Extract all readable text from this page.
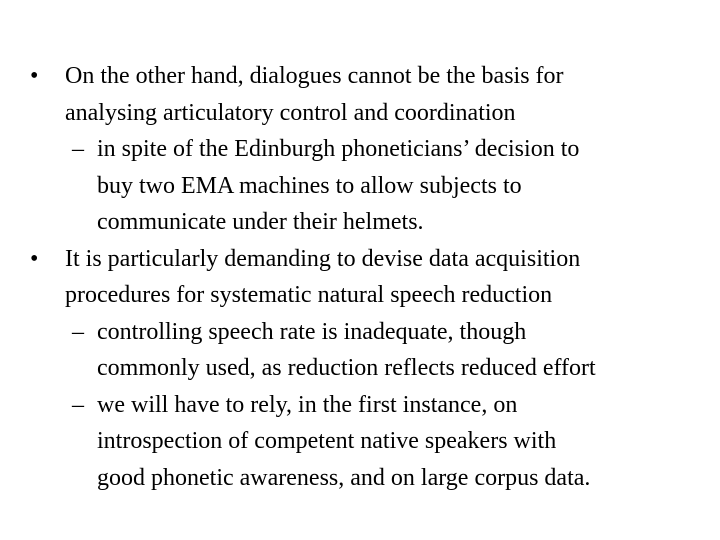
•	On the other hand, dialogues cannot be the basis for
analysing articulatory control and coordination
– in spite of the Edinburgh phoneticians’ decision to
buy two EMA machines to allow subjects to
communicate under their helmets.
•	It is particularly demanding to devise data acquisition
procedures for systematic natural speech reduction
– controlling speech rate is inadequate, though
commonly used, as reduction reflects reduced effort
– we will have to rely, in the first instance, on
introspection of competent native speakers with
good phonetic awareness, and on large corpus data.
